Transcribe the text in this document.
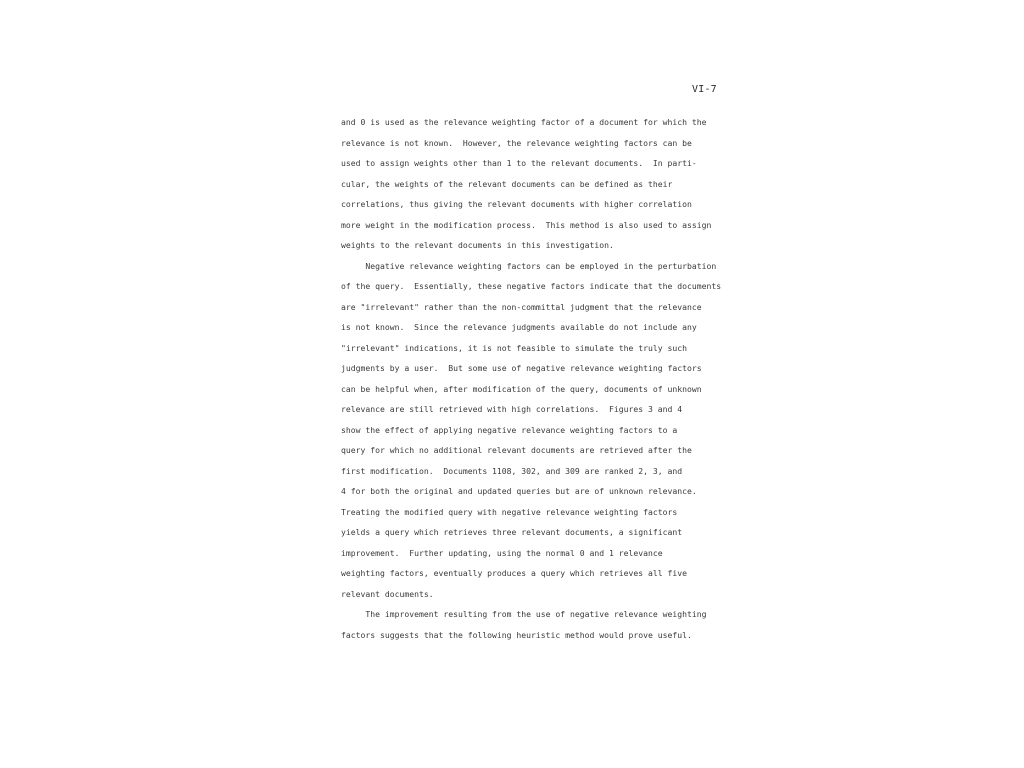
VI-7
and 0 is used as the relevance weighting factor of a document for which the
relevance is not known.  However, the relevance weighting factors can be
used to assign weights other than 1 to the relevant documents.  In parti-
cular, the weights of the relevant documents can be defined as their
correlations, thus giving the relevant documents with higher correlation
more weight in the modification process.  This method is also used to assign
weights to the relevant documents in this investigation.
Negative relevance weighting factors can be employed in the perturbation
of the query.  Essentially, these negative factors indicate that the documents
are "irrelevant" rather than the non-committal judgment that the relevance
is not known.  Since the relevance judgments available do not include any
"irrelevant" indications, it is not feasible to simulate the truly such
judgments by a user.  But some use of negative relevance weighting factors
can be helpful when, after modification of the query, documents of unknown
relevance are still retrieved with high correlations.  Figures 3 and 4
show the effect of applying negative relevance weighting factors to a
query for which no additional relevant documents are retrieved after the
first modification.  Documents 1108, 302, and 309 are ranked 2, 3, and
4 for both the original and updated queries but are of unknown relevance.
Treating the modified query with negative relevance weighting factors
yields a query which retrieves three relevant documents, a significant
improvement.  Further updating, using the normal 0 and 1 relevance
weighting factors, eventually produces a query which retrieves all five
relevant documents.
The improvement resulting from the use of negative relevance weighting
factors suggests that the following heuristic method would prove useful.
